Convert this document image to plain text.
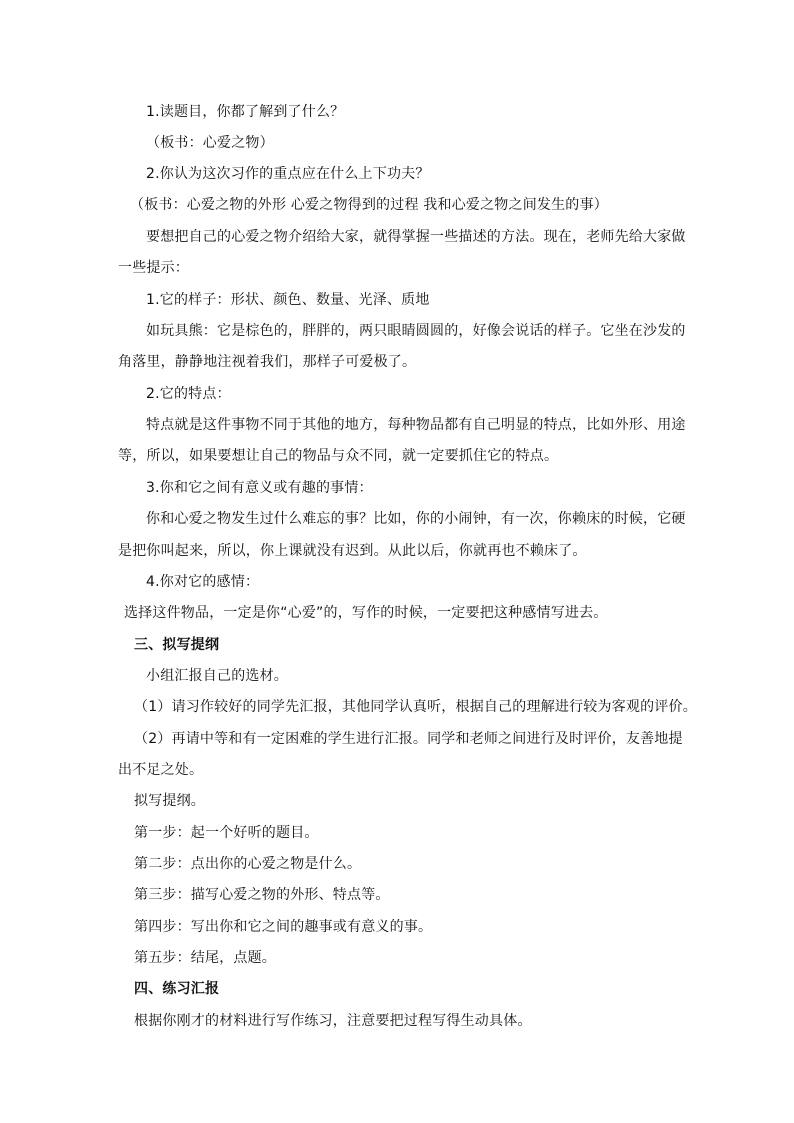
1.读题目，你都了解到了什么？
（板书：心爱之物）
2.你认为这次习作的重点应在什么上下功夫？
（板书：心爱之物的外形 心爱之物得到的过程 我和心爱之物之间发生的事）
要想把自己的心爱之物介绍给大家，就得掌握一些描述的方法。现在，老师先给大家做
一些提示：
1.它的样子：形状、颜色、数量、光泽、质地
如玩具熊：它是棕色的，胖胖的，两只眼睛圆圆的，好像会说话的样子。它坐在沙发的
角落里，静静地注视着我们，那样子可爱极了。
2.它的特点：
特点就是这件事物不同于其他的地方，每种物品都有自己明显的特点，比如外形、用途
等，所以，如果要想让自己的物品与众不同，就一定要抓住它的特点。
3.你和它之间有意义或有趣的事情：
你和心爱之物发生过什么难忘的事？比如，你的小闹钟，有一次，你赖床的时候，它硬
是把你叫起来，所以，你上课就没有迟到。从此以后，你就再也不赖床了。
4.你对它的感情：
选择这件物品，一定是你“心爱”的，写作的时候，一定要把这种感情写进去。
三、拟写提纲
小组汇报自己的选材。
（1）请习作较好的同学先汇报，其他同学认真听，根据自己的理解进行较为客观的评价。
（2）再请中等和有一定困难的学生进行汇报。同学和老师之间进行及时评价，友善地提
出不足之处。
拟写提纲。
第一步：起一个好听的题目。
第二步：点出你的心爱之物是什么。
第三步：描写心爱之物的外形、特点等。
第四步：写出你和它之间的趣事或有意义的事。
第五步：结尾，点题。
四、练习汇报
根据你刚才的材料进行写作练习，注意要把过程写得生动具体。
